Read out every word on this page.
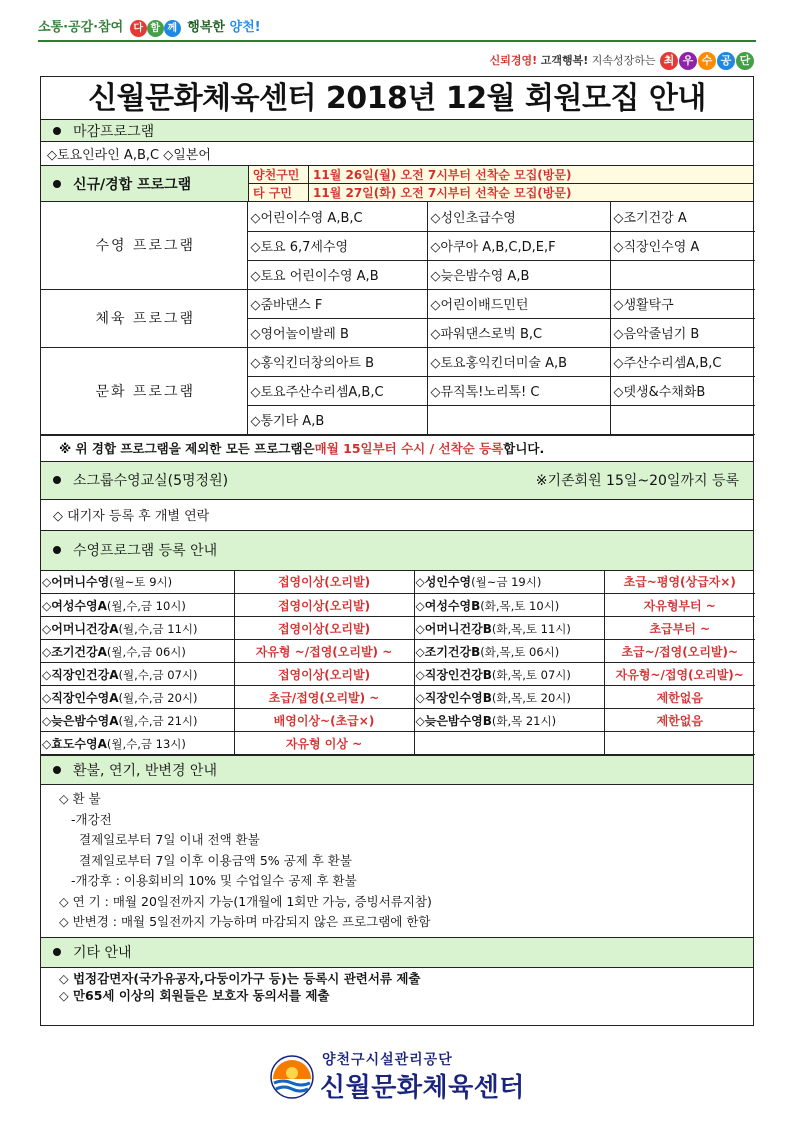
소통·공감·참여 다 함 께 행복한 양천!
신뢰경영! 고객행복! 지속성장하는 최 우 수 공 단
신월문화체육센터 2018년 12월 회원모집 안내
마감프로그램
◇토요인라인 A,B,C ◇일본어
신규/경합 프로그램
양천구민	11월 26일(월) 오전 7시부터 선착순 모집(방문)
타 구민	11월 27일(화) 오전 7시부터 선착순 모집(방문)
수영 프로그램	◇어린이수영 A,B,C	◇성인초급수영	◇조기건강 A
	◇토요 6,7세수영	◇아쿠아 A,B,C,D,E,F	◇직장인수영 A
	◇토요 어린이수영 A,B	◇늦은밤수영 A,B	
체육 프로그램	◇줌바댄스 F	◇어린이배드민턴	◇생활탁구
	◇영어놀이발레 B	◇파워댄스로빅 B,C	◇음악줄넘기 B
문화 프로그램	◇홍익킨더창의아트 B	◇토요홍익킨더미술 A,B	◇주산수리셈A,B,C
	◇토요주산수리셈A,B,C	◇뮤직톡!노리톡! C	◇뎃생&수채화B
	◇통기타 A,B		
※ 위 경합 프로그램을 제외한 모든 프로그램은 매월 15일부터 수시 / 선착순 등록 합니다.
소그룹수영교실(5명정원)	※기존회원 15일~20일까지 등록
◇ 대기자 등록 후 개별 연락
수영프로그램 등록 안내
◇어머니수영(월~토 9시)	접영이상(오리발)	◇성인수영(월~금 19시)	초급~평영(상급자×)
◇여성수영A(월,수,금 10시)	접영이상(오리발)	◇여성수영B(화,목,토 10시)	자유형부터 ~
◇어머니건강A(월,수,금 11시)	접영이상(오리발)	◇어머니건강B(화,목,토 11시)	초급부터 ~
◇조기건강A(월,수,금 06시)	자유형 ~/접영(오리발) ~	◇조기건강B(화,목,토 06시)	초급~/접영(오리발)~
◇직장인건강A(월,수,금 07시)	접영이상(오리발)	◇직장인건강B(화,목,토 07시)	자유형~/접영(오리발)~
◇직장인수영A(월,수,금 20시)	초급/접영(오리발) ~	◇직장인수영B(화,목,토 20시)	제한없음
◇늦은밤수영A(월,수,금 21시)	배영이상~(초급×)	◇늦은밤수영B(화,목 21시)	제한없음
◇효도수영A(월,수,금 13시)	자유형 이상 ~		
환불, 연기, 반변경 안내
◇ 환 불
-개강전
결제일로부터 7일 이내 전액 환불
결제일로부터 7일 이후 이용금액 5% 공제 후 환불
-개강후 : 이용회비의 10% 및 수업일수 공제 후 환불
◇ 연 기 : 매월 20일전까지 가능(1개월에 1회만 가능, 증빙서류지참)
◇ 반변경 : 매월 5일전까지 가능하며 마감되지 않은 프로그램에 한함
기타 안내
◇ 법정감면자(국가유공자,다둥이가구 등)는 등록시 관련서류 제출
◇ 만65세 이상의 회원들은 보호자 동의서를 제출
양천구시설관리공단
신월문화체육센터
